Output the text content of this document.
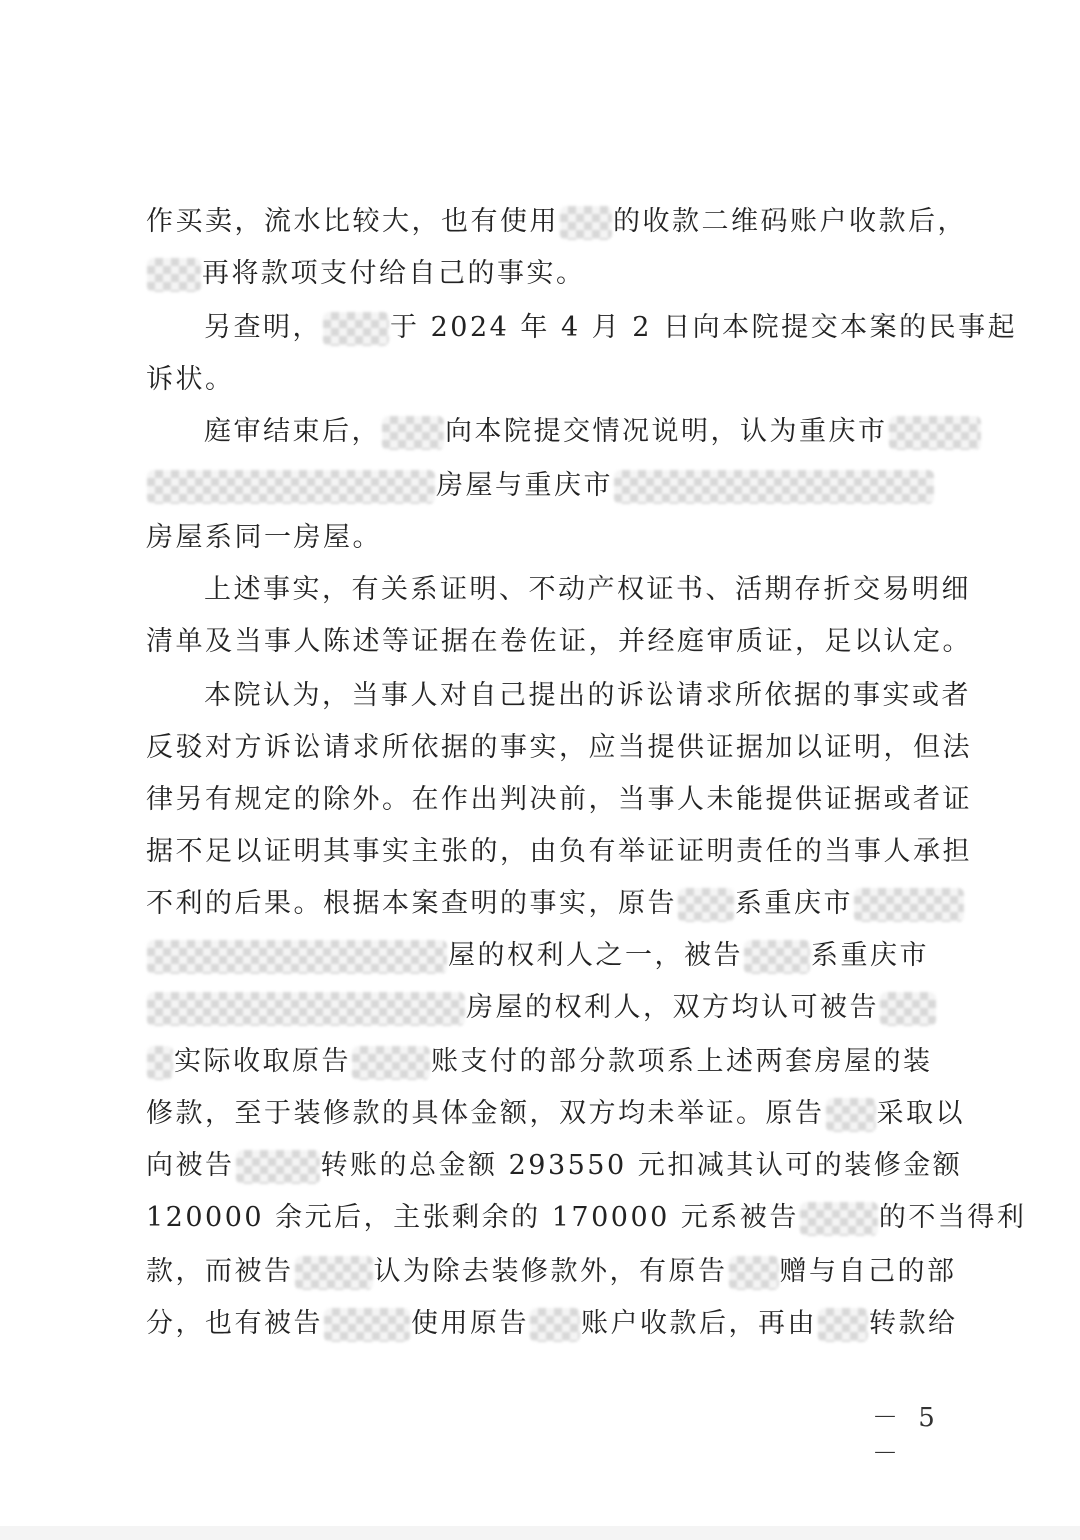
作买卖，流水比较大，也有使用 的收款二维码账户收款后，
再将款项支付给自己的事实。
另查明，	于 2024 年 4 月 2 日向本院提交本案的民事起
诉状。
庭审结束后， 向本院提交情况说明，认为重庆市
房屋与重庆市
房屋系同一房屋。
上述事实，有关系证明、不动产权证书、活期存折交易明细
清单及当事人陈述等证据在卷佐证，并经庭审质证，足以认定。
本院认为，当事人对自己提出的诉讼请求所依据的事实或者
反驳对方诉讼请求所依据的事实，应当提供证据加以证明，但法
律另有规定的除外。在作出判决前，当事人未能提供证据或者证
据不足以证明其事实主张的，由负有举证证明责任的当事人承担
不利的后果。根据本案查明的事实，原告 系重庆市
屋的权利人之一，被告	系重庆市
房屋的权利人，双方均认可被告
实际收取原告	账支付的部分款项系上述两套房屋的装
修款，至于装修款的具体金额，双方均未举证。原告 采取以
向被告	转账的总金额 293550 元扣减其认可的装修金额
120000 余元后，主张剩余的 170000 元系被告	的不当得利
款，而被告	认为除去装修款外，有原告 赠与自己的部
分，也有被告	使用原告 账户收款后，再由 转款给
－ 5 －
